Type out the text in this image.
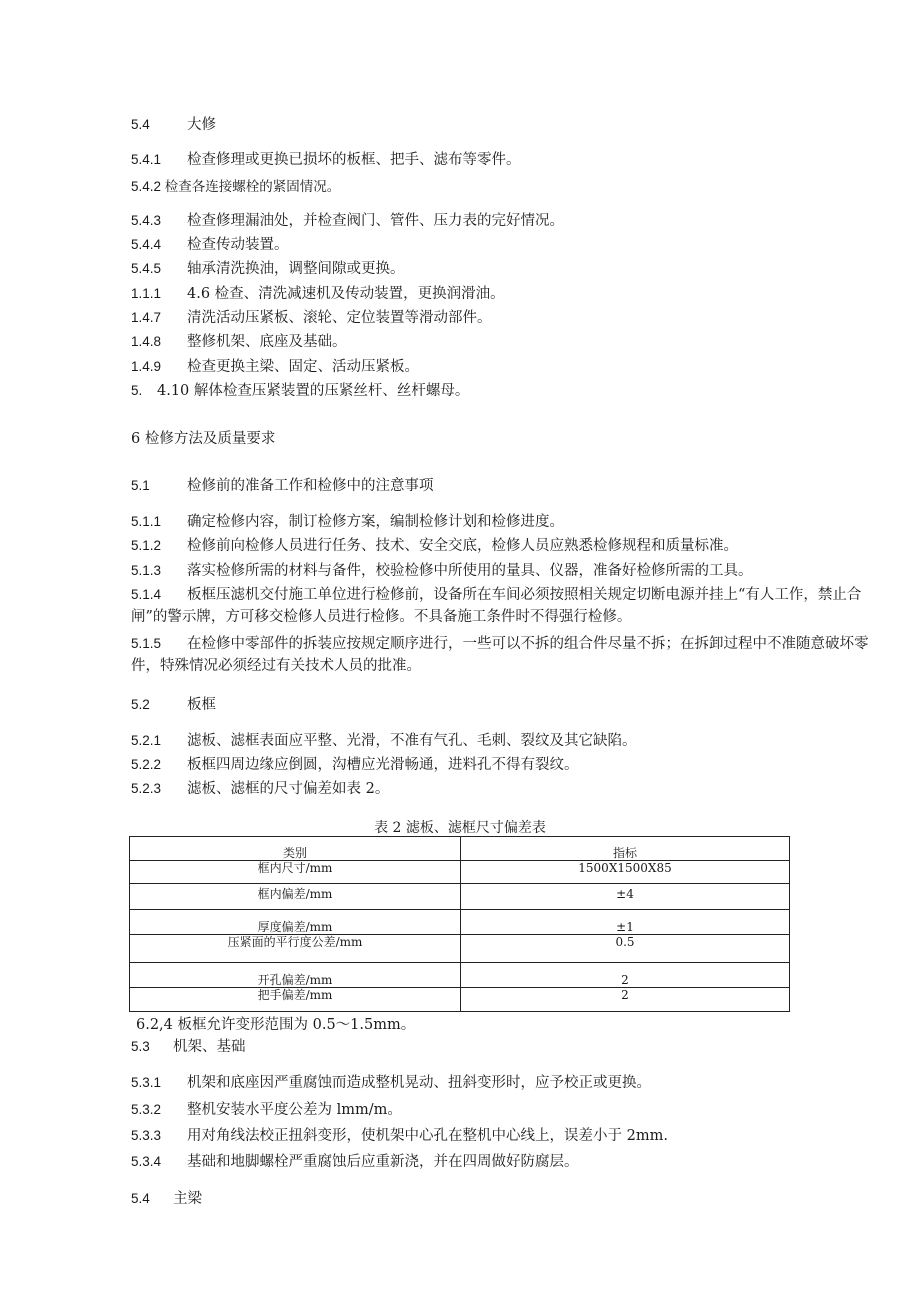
5.4	大修
5.4.1 检查修理或更换已损坏的板框、把手、滤布等零件。
5.4.2 检查各连接螺栓的紧固情况。
5.4.3 检查修理漏油处，并检查阀门、管件、压力表的完好情况。
5.4.4 检查传动装置。
5.4.5 轴承清洗换油，调整间隙或更换。
1.1.1 4.6 检查、清洗减速机及传动装置，更换润滑油。
1.4.7 清洗活动压紧板、滚轮、定位装置等滑动部件。
1.4.8 整修机架、底座及基础。
1.4.9 检查更换主梁、固定、活动压紧板。
5. 4.10 解体检查压紧装置的压紧丝杆、丝杆螺母。
6 检修方法及质量要求
5.1	检修前的准备工作和检修中的注意事项
5.1.1 确定检修内容，制订检修方案，编制检修计划和检修进度。
5.1.2 检修前向检修人员进行任务、技术、安全交底，检修人员应熟悉检修规程和质量标准。
5.1.3 落实检修所需的材料与备件，校验检修中所使用的量具、仪器，准备好检修所需的工具。
5.1.4 板框压滤机交付施工单位进行检修前，设备所在车间必须按照相关规定切断电源并挂上“有人工作，禁止合闸”的警示牌，方可移交检修人员进行检修。不具备施工条件时不得强行检修。
5.1.5 在检修中零部件的拆装应按规定顺序进行，一些可以不拆的组合件尽量不拆；在拆卸过程中不准随意破坏零件，特殊情况必须经过有关技术人员的批准。
5.2	板框
5.2.1 滤板、滤框表面应平整、光滑，不准有气孔、毛刺、裂纹及其它缺陷。
5.2.2 板框四周边缘应倒圆，沟槽应光滑畅通，进料孔不得有裂纹。
5.2.3 滤板、滤框的尺寸偏差如表 2。
表 2 滤板、滤框尺寸偏差表
类别	指标
框内尺寸/mm	1500X1500X85
框内偏差/mm	±4
厚度偏差/mm	±1
压紧面的平行度公差/mm	0.5
开孔偏差/mm	2
把手偏差/mm	2
6.2,4 板框允许变形范围为 0.5～1.5mm。
5.3 机架、基础
5.3.1 机架和底座因严重腐蚀而造成整机晃动、扭斜变形时，应予校正或更换。
5.3.2 整机安装水平度公差为 lmm/m。
5.3.3 用对角线法校正扭斜变形，使机架中心孔在整机中心线上，误差小于 2mm.
5.3.4 基础和地脚螺栓严重腐蚀后应重新浇，并在四周做好防腐层。
5.4 主梁
